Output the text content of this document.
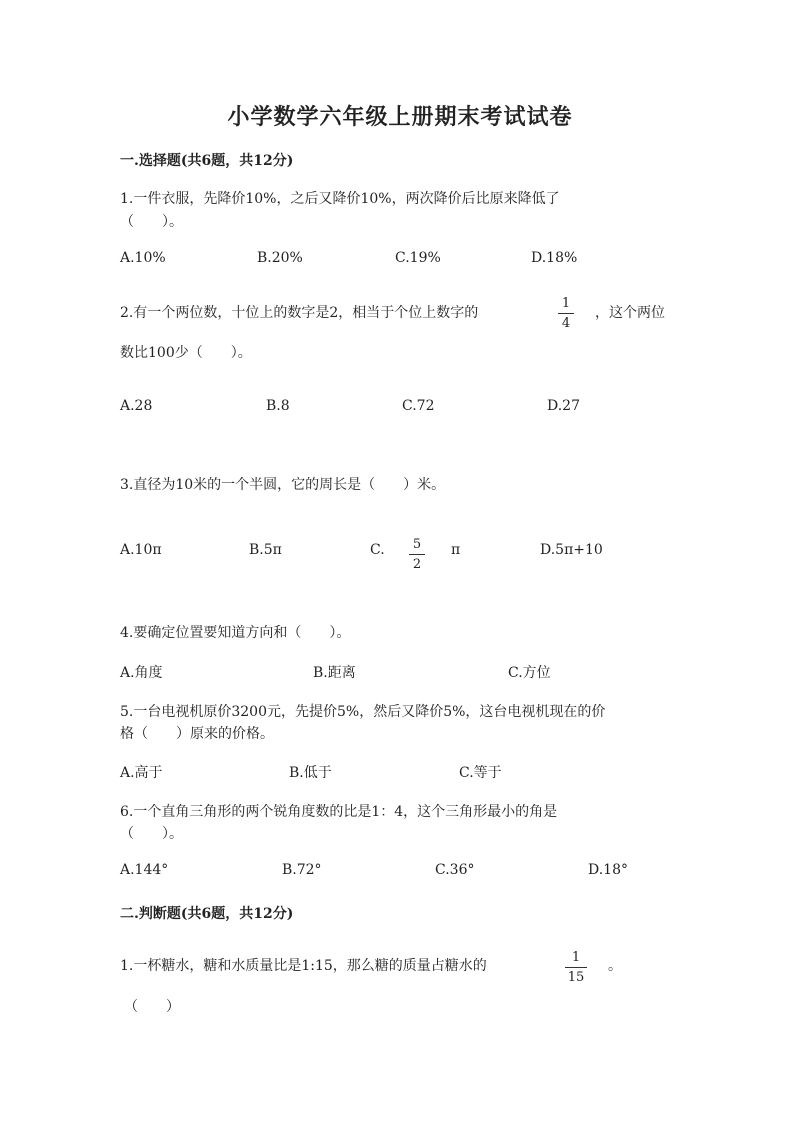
小学数学六年级上册期末考试试卷
一.选择题(共6题，共12分)
1.一件衣服，先降价10%，之后又降价10%，两次降价后比原来降低了
（　　）。
A.10%	B.20%	C.19%	D.18%
2.有一个两位数，十位上的数字是2，相当于个位上数字的
1
4
，这个两位
数比100少（　　）。
A.28	B.8	C.72	D.27
3.直径为10米的一个半圆，它的周长是（　　）米。
A.10π	B.5π	C. 5
2
π	D.5π+10
4.要确定位置要知道方向和（　　）。
A.角度	B.距离	C.方位
5.一台电视机原价3200元，先提价5%，然后又降价5%，这台电视机现在的价
格（　　）原来的价格。
A.高于	B.低于	C.等于
6.一个直角三角形的两个锐角度数的比是1：4，这个三角形最小的角是
（　　）。
A.144°	B.72°	C.36°	D.18°
二.判断题(共6题，共12分)
1.一杯糖水，糖和水质量比是1:15，那么糖的质量占糖水的
1
15
。
（　　）
